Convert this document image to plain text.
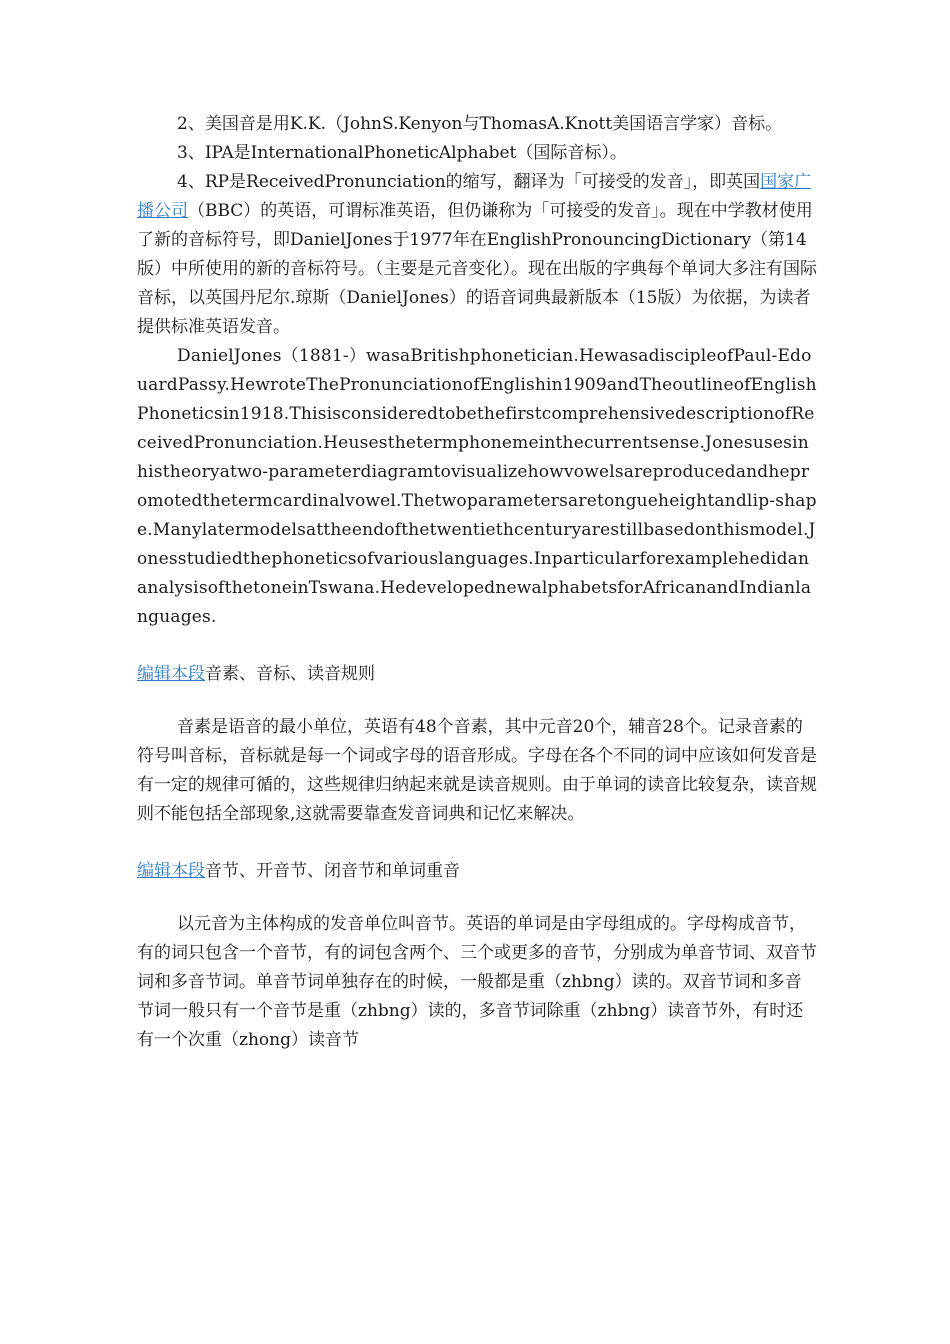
2、美国音是用K.K.（JohnS.Kenyon与ThomasA.Knott美国语言学家）音标。

3、IPA是InternationalPhoneticAlphabet（国际音标）。

4、RP是ReceivedPronunciation的缩写，翻译为「可接受的发音」，即英国国家广播公司（BBC）的英语，可谓标准英语，但仍谦称为「可接受的发音」。现在中学教材使用了新的音标符号，即DanielJones于1977年在EnglishPronouncingDictionary（第14版）中所使用的新的音标符号。（主要是元音变化）。现在出版的字典每个单词大多注有国际音标，以英国丹尼尔.琼斯（DanielJones）的语音词典最新版本（15版）为依据，为读者提供标准英语发音。

DanielJones（1881-）wasaBritishphonetician.HewasadiscipleofPaul-EdouardPassy.HewroteThePronunciationofEnglishin1909andTheoutlineofEnglishPhoneticsin1918.ThisisconsideredtobethefirstcomprehensivedescriptionofReceivedPronunciation.Heusesthetermphonemeinthecurrentsense.Jonesusesinhistheoryatwo-parameterdiagramtovisualizehowvowelsareproducedandhepromotedthetermcardinalvowel.Thetwoparametersaretongueheightandlip-shape.Manylatermodelsattheendofthetwentiethcenturyarestillbasedonthismodel.Jonesstudiedthephoneticsofvariouslanguages.InparticularforexamplehedidananalysisofthetoneinTswana.HedevelopednewalphabetsforAfricanandIndianlanguages.

编辑本段音素、音标、读音规则

音素是语音的最小单位，英语有48个音素，其中元音20个，辅音28个。记录音素的符号叫音标，音标就是每一个词或字母的语音形成。字母在各个不同的词中应该如何发音是有一定的规律可循的，这些规律归纳起来就是读音规则。由于单词的读音比较复杂，读音规则不能包括全部现象,这就需要靠查发音词典和记忆来解决。

编辑本段音节、开音节、闭音节和单词重音

以元音为主体构成的发音单位叫音节。英语的单词是由字母组成的。字母构成音节，有的词只包含一个音节，有的词包含两个、三个或更多的音节，分别成为单音节词、双音节词和多音节词。单音节词单独存在的时候，一般都是重（zhbng）读的。双音节词和多音节词一般只有一个音节是重（zhbng）读的，多音节词除重（zhbng）读音节外，有时还有一个次重（zhong）读音节
